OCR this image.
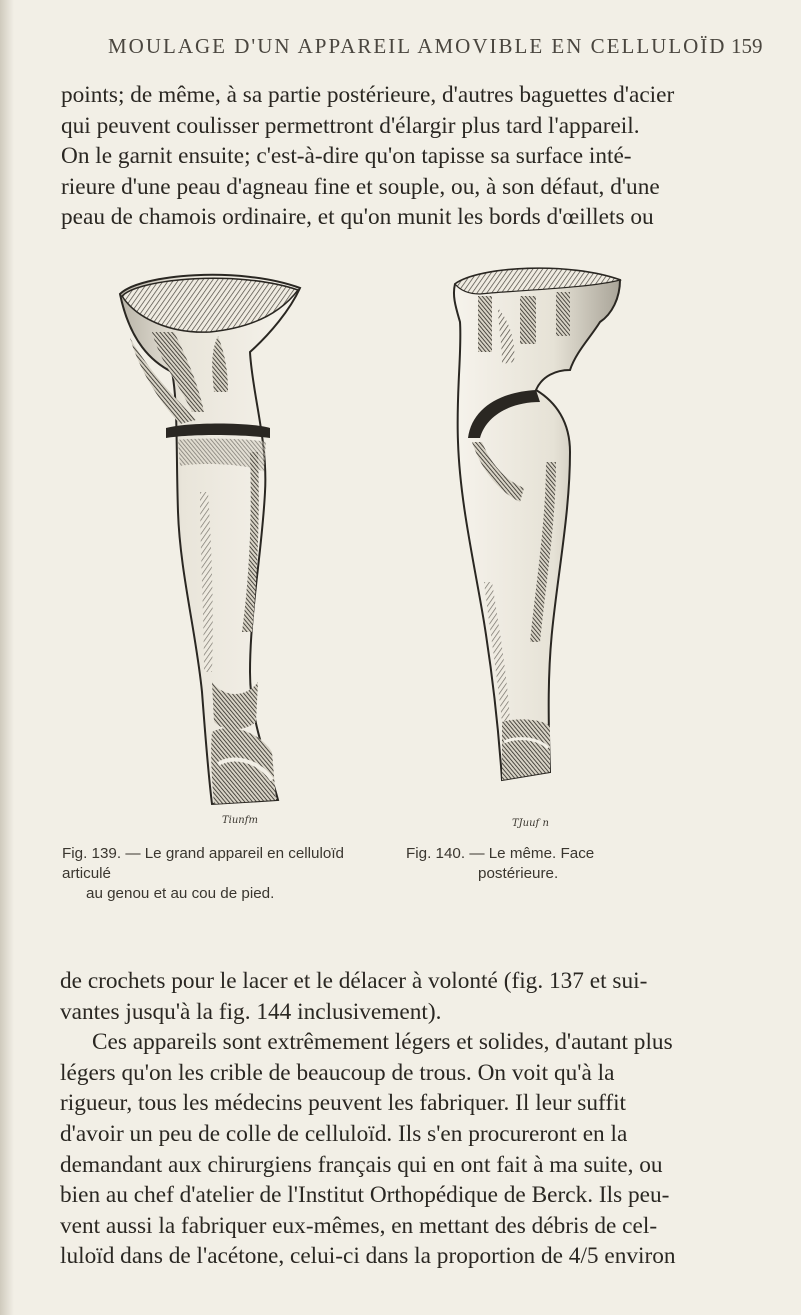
MOULAGE D'UN APPAREIL AMOVIBLE EN CELLULOÏD 159

points; de même, à sa partie postérieure, d'autres baguettes d'acier
qui peuvent coulisser permettront d'élargir plus tard l'appareil.
On le garnit ensuite; c'est-à-dire qu'on tapisse sa surface inté-
rieure d'une peau d'agneau fine et souple, ou, à son défaut, d'une
peau de chamois ordinaire, et qu'on munit les bords d'œillets ou

Tiunfm	TJuuf n
Fig. 139. — Le grand appareil en celluloïd articulé
au genou et au cou de pied.
Fig. 140. — Le même. Face
postérieure.

de crochets pour le lacer et le délacer à volonté (fig. 137 et sui-
vantes jusqu'à la fig. 144 inclusivement).
Ces appareils sont extrêmement légers et solides, d'autant plus
légers qu'on les crible de beaucoup de trous. On voit qu'à la
rigueur, tous les médecins peuvent les fabriquer. Il leur suffit
d'avoir un peu de colle de celluloïd. Ils s'en procureront en la
demandant aux chirurgiens français qui en ont fait à ma suite, ou
bien au chef d'atelier de l'Institut Orthopédique de Berck. Ils peu-
vent aussi la fabriquer eux-mêmes, en mettant des débris de cel-
luloïd dans de l'acétone, celui-ci dans la proportion de 4/5 environ
